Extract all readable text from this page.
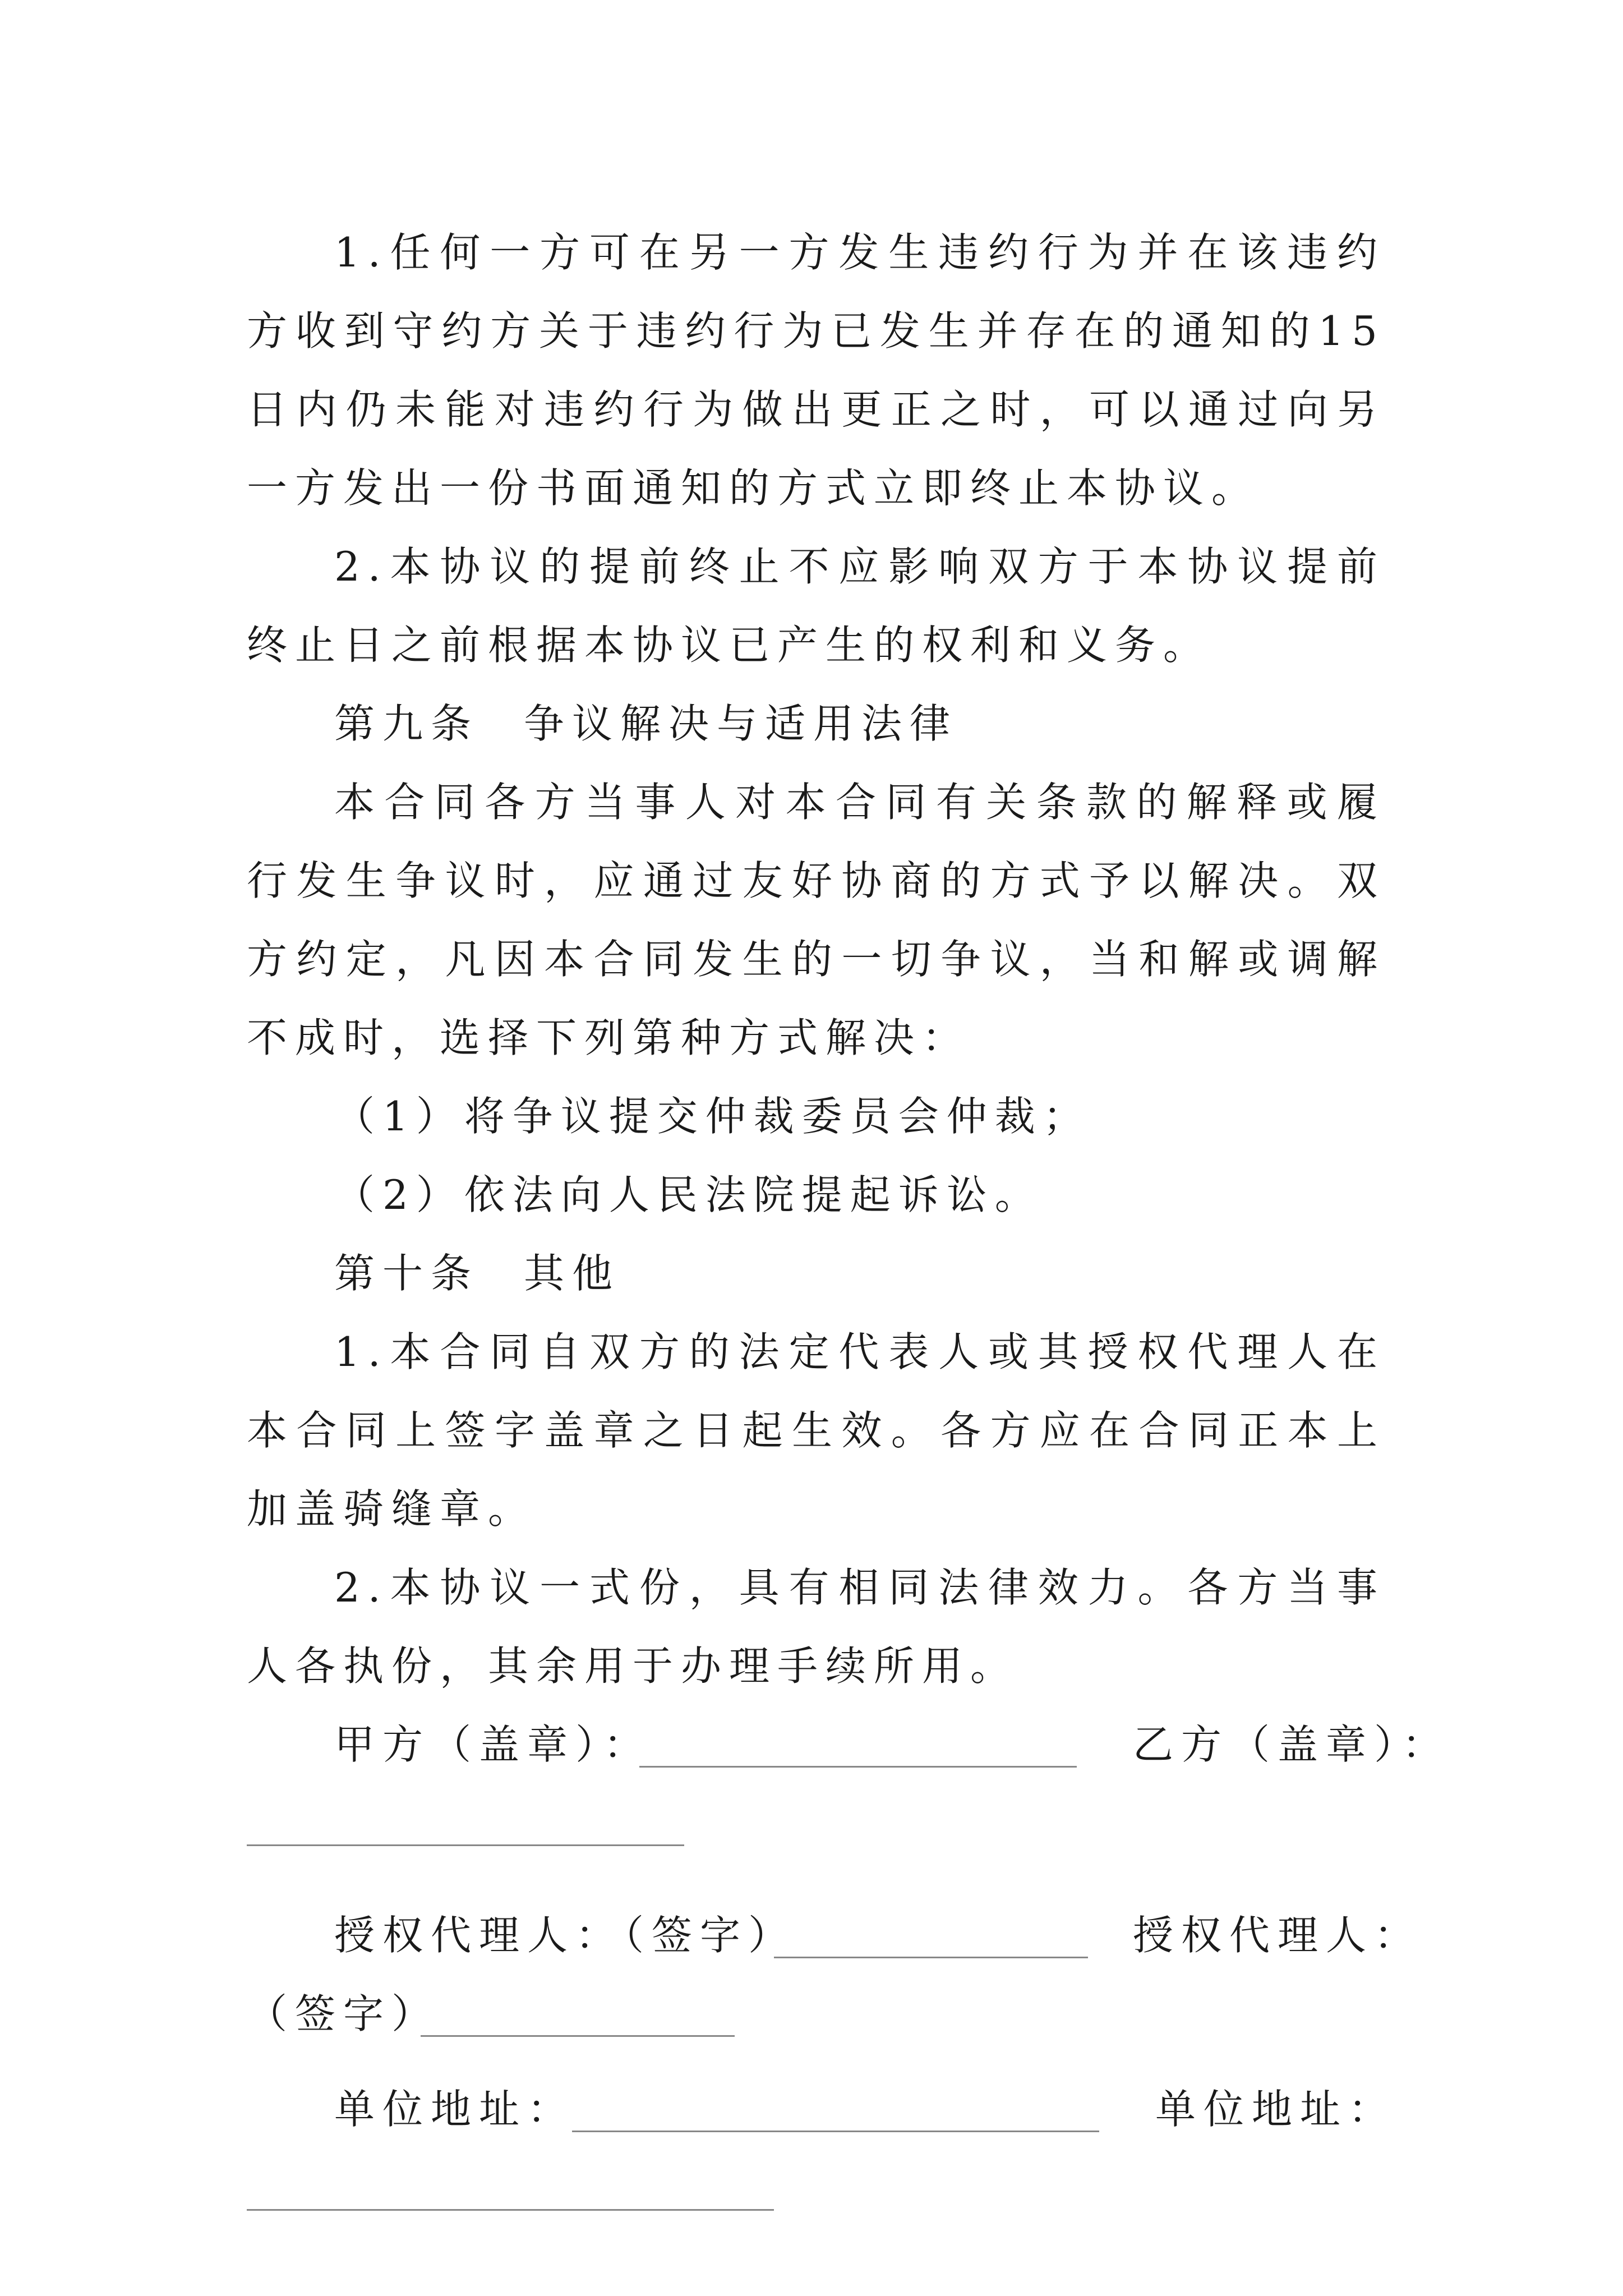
1.任何一方可在另一方发生违约行为并在该违约方收到守约方关于违约行为已发生并存在的通知的15日内仍未能对违约行为做出更正之时，可以通过向另一方发出一份书面通知的方式立即终止本协议。

2.本协议的提前终止不应影响双方于本协议提前终止日之前根据本协议已产生的权利和义务。

第九条 争议解决与适用法律

本合同各方当事人对本合同有关条款的解释或履行发生争议时，应通过友好协商的方式予以解决。双方约定，凡因本合同发生的一切争议，当和解或调解不成时，选择下列第种方式解决：

（1）将争议提交仲裁委员会仲裁；

（2）依法向人民法院提起诉讼。

第十条 其他

1.本合同自双方的法定代表人或其授权代理人在本合同上签字盖章之日起生效。各方应在合同正本上加盖骑缝章。

2.本协议一式份，具有相同法律效力。各方当事人各执份，其余用于办理手续所用。

甲方（盖章）：	乙方（盖章）：
授权代理人：（签字）	授权代理人：
（签字）
单位地址：	单位地址：
